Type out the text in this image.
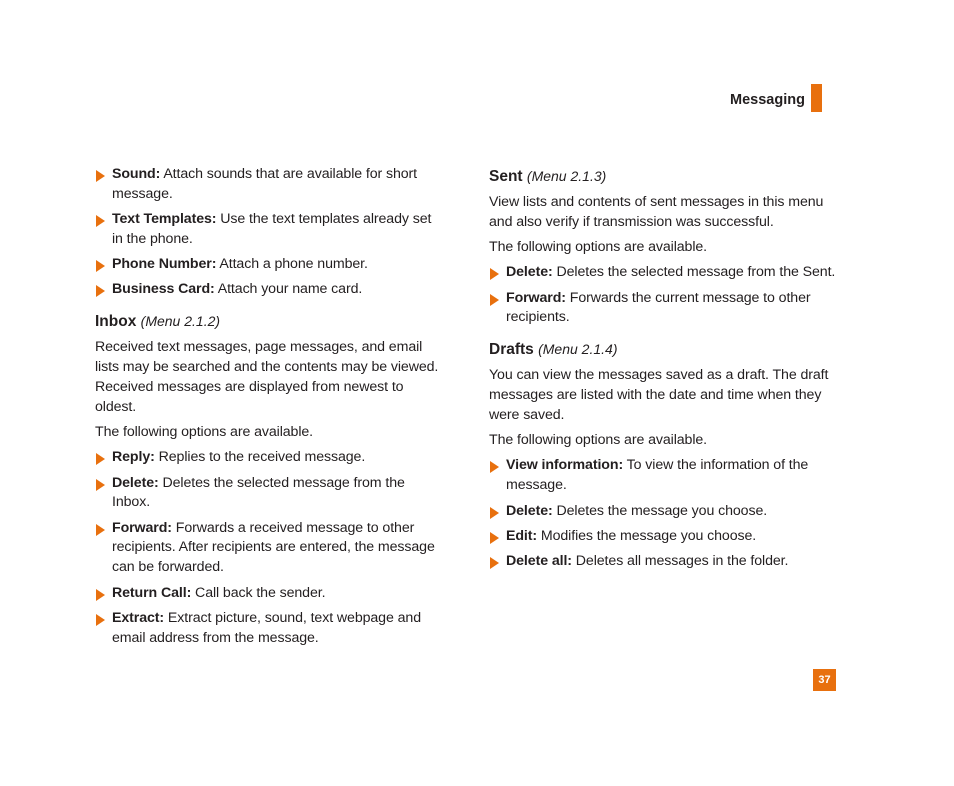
Messaging
Sound: Attach sounds that are available for short message.
Text Templates: Use the text templates already set in the phone.
Phone Number: Attach a phone number.
Business Card: Attach your name card.
Inbox (Menu 2.1.2)

Received text messages, page messages, and email lists may be searched and the contents may be viewed. Received messages are displayed from newest to oldest.

The following options are available.

Reply: Replies to the received message.
Delete: Deletes the selected message from the Inbox.
Forward: Forwards a received message to other recipients. After recipients are entered, the message can be forwarded.
Return Call: Call back the sender.
Extract: Extract picture, sound, text webpage and email address from the message.
Sent (Menu 2.1.3)

View lists and contents of sent messages in this menu and also verify if transmission was successful.

The following options are available.

Delete: Deletes the selected message from the Sent.
Forward: Forwards the current message to other recipients.
Drafts (Menu 2.1.4)

You can view the messages saved as a draft. The draft messages are listed with the date and time when they were saved.

The following options are available.

View information: To view the information of the message.
Delete: Deletes the message you choose.
Edit: Modifies the message you choose.
Delete all: Deletes all messages in the folder.
37
